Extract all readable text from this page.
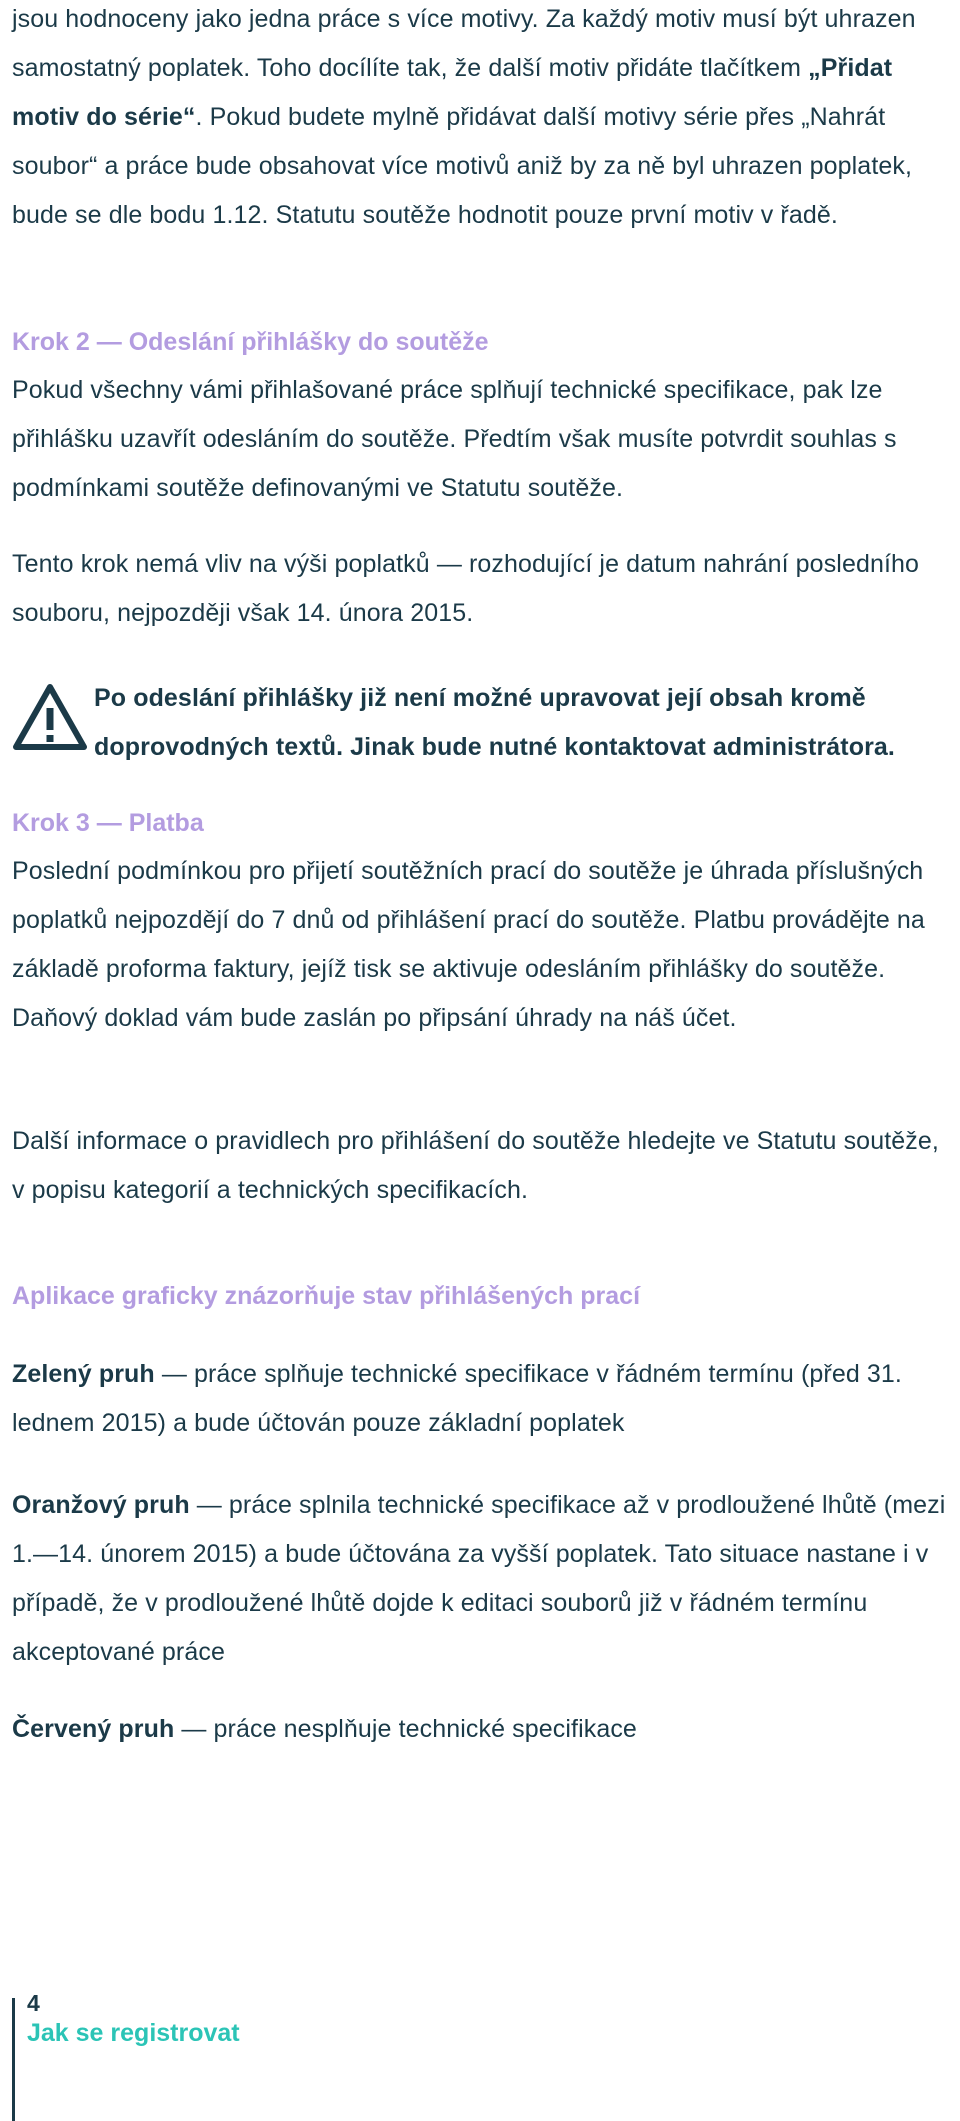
jsou hodnoceny jako jedna práce s více motivy. Za každý motiv musí být uhrazen samostatný poplatek. Toho docílíte tak, že další motiv přidáte tlačítkem „Přidat motiv do série“. Pokud budete mylně přidávat další motivy série přes „Nahrát soubor“ a práce bude obsahovat více motivů aniž by za ně byl uhrazen poplatek, bude se dle bodu 1.12. Statutu soutěže hodnotit pouze první motiv v řadě.

Krok 2 — Odeslání přihlášky do soutěže

Pokud všechny vámi přihlašované práce splňují technické specifikace, pak lze přihlášku uzavřít odesláním do soutěže. Předtím však musíte potvrdit souhlas s podmínkami soutěže definovanými ve Statutu soutěže.

Tento krok nemá vliv na výši poplatků — rozhodující je datum nahrání posledního souboru, nejpozději však 14. února 2015.

Po odeslání přihlášky již není možné upravovat její obsah kromě doprovodných textů. Jinak bude nutné kontaktovat administrátora.

Krok 3 — Platba

Poslední podmínkou pro přijetí soutěžních prací do soutěže je úhrada příslušných poplatků nejpozdějí do 7 dnů od přihlášení prací do soutěže. Platbu provádějte na základě proforma faktury, jejíž tisk se aktivuje odesláním přihlášky do soutěže. Daňový doklad vám bude zaslán po připsání úhrady na náš účet.

Další informace o pravidlech pro přihlášení do soutěže hledejte ve Statutu soutěže, v popisu kategorií a technických specifikacích.

Aplikace graficky znázorňuje stav přihlášených prací

Zelený pruh — práce splňuje technické specifikace v řádném termínu (před 31. lednem 2015) a bude účtován pouze základní poplatek

Oranžový pruh — práce splnila technické specifikace až v prodloužené lhůtě (mezi 1.—14. únorem 2015) a bude účtována za vyšší poplatek. Tato situace nastane i v případě, že v prodloužené lhůtě dojde k editaci souborů již v řádném termínu akceptované práce

Červený pruh — práce nesplňuje technické specifikace

4
Jak se registrovat
